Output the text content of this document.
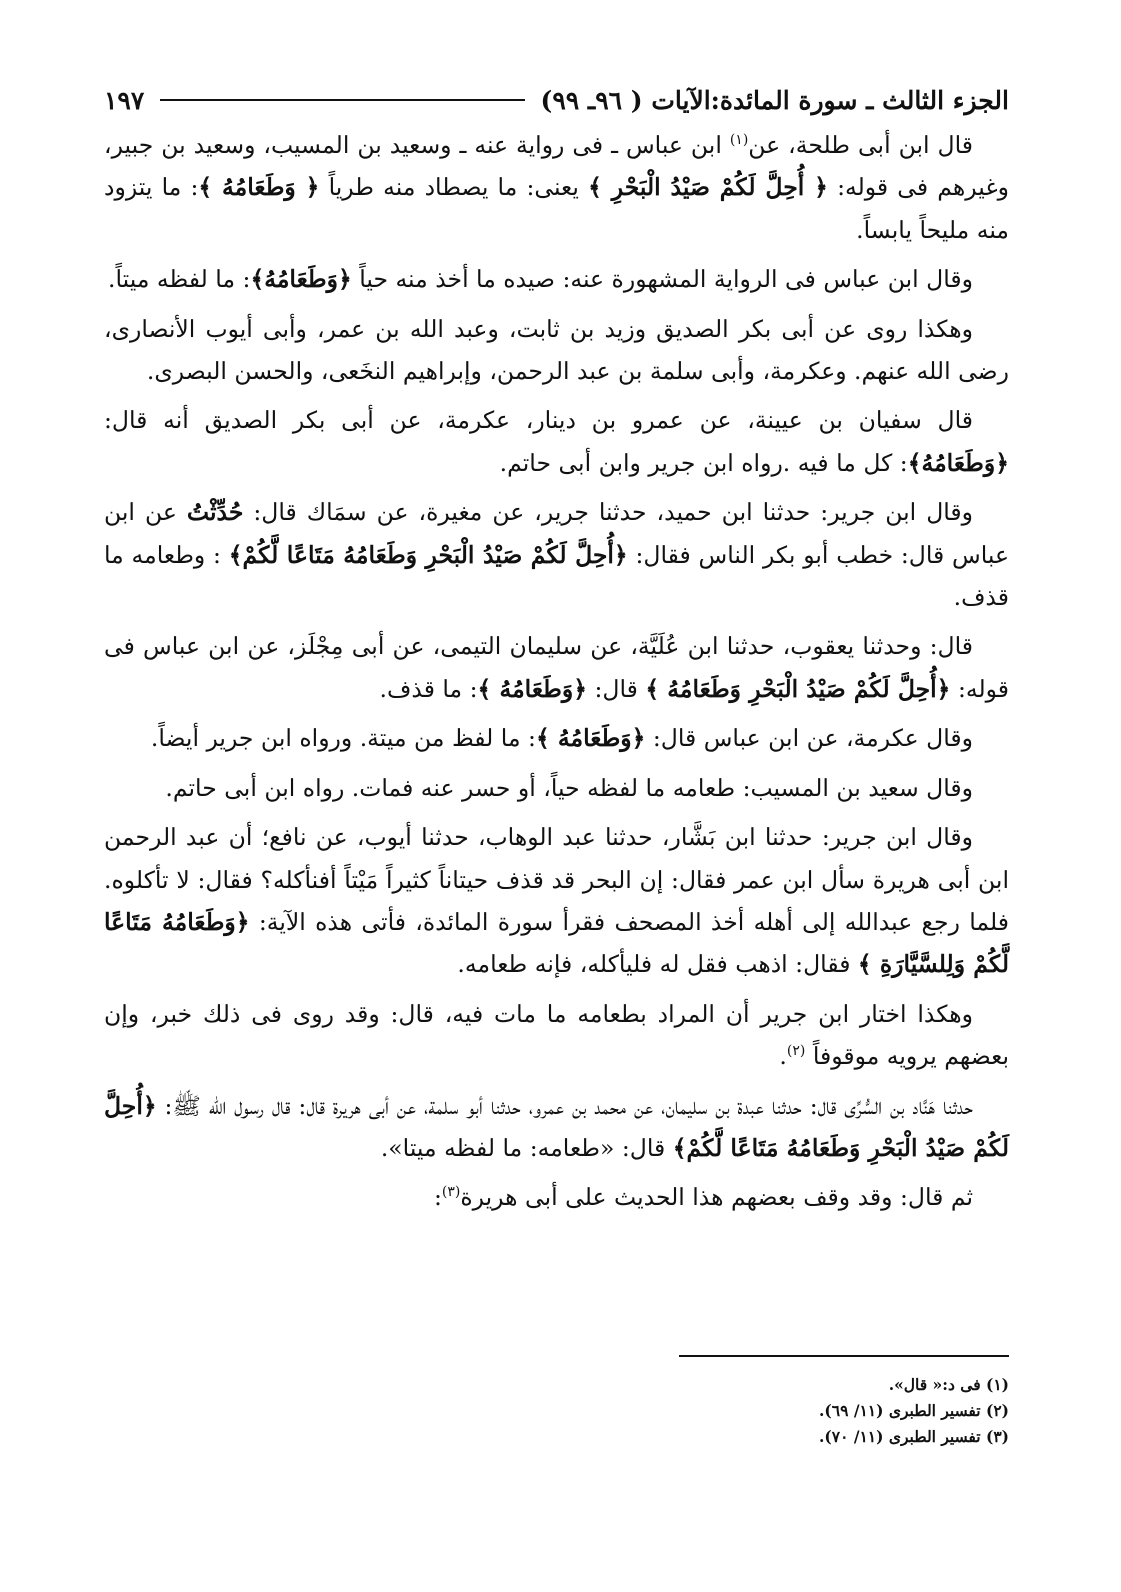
الجزء الثالث ـ سورة المائدة:الآيات ( ٩٦ـ ٩٩)
١٩٧

قال ابن أبى طلحة، عن$^{(١)}$ ابن عباس ـ فى رواية عنه ـ وسعيد بن المسيب، وسعيد بن جبير، وغيرهم فى قوله: ﴿ أُحِلَّ لَكُمْ صَيْدُ الْبَحْرِ ﴾ يعنى: ما يصطاد منه طرياً ﴿ وَطَعَامُهُ ﴾: ما يتزود منه مليحاً يابساً.

وقال ابن عباس فى الرواية المشهورة عنه: صيده ما أخذ منه حياً ﴿وَطَعَامُهُ﴾: ما لفظه ميتاً.

وهكذا روى عن أبى بكر الصديق وزيد بن ثابت، وعبد الله بن عمر، وأبى أيوب الأنصارى، رضى الله عنهم. وعكرمة، وأبى سلمة بن عبد الرحمن، وإبراهيم النخَعى، والحسن البصرى.

قال سفيان بن عيينة، عن عمرو بن دينار، عكرمة، عن أبى بكر الصديق أنه قال: ﴿وَطَعَامُهُ﴾: كل ما فيه .رواه ابن جرير وابن أبى حاتم.

وقال ابن جرير: حدثنا ابن حميد، حدثنا جرير، عن مغيرة، عن سمَاك قال: حُدِّثْتُ عن ابن عباس قال: خطب أبو بكر الناس فقال: ﴿أُحِلَّ لَكُمْ صَيْدُ الْبَحْرِ وَطَعَامُهُ مَتَاعًا لَّكُمْ﴾ : وطعامه ما قذف.

قال: وحدثنا يعقوب، حدثنا ابن عُلَيَّة، عن سليمان التيمى، عن أبى مِجْلَز، عن ابن عباس فى قوله: ﴿أُحِلَّ لَكُمْ صَيْدُ الْبَحْرِ وَطَعَامُهُ ﴾ قال: ﴿وَطَعَامُهُ ﴾: ما قذف.

وقال عكرمة، عن ابن عباس قال: ﴿وَطَعَامُهُ ﴾: ما لفظ من ميتة. ورواه ابن جرير أيضاً.

وقال سعيد بن المسيب: طعامه ما لفظه حياً، أو حسر عنه فمات. رواه ابن أبى حاتم.

وقال ابن جرير: حدثنا ابن بَشَّار، حدثنا عبد الوهاب، حدثنا أيوب، عن نافع؛ أن عبد الرحمن ابن أبى هريرة سأل ابن عمر فقال: إن البحر قد قذف حيتاناً كثيراً مَيْتاً أفنأكله؟ فقال: لا تأكلوه. فلما رجع عبدالله إلى أهله أخذ المصحف فقرأ سورة المائدة، فأتى هذه الآية: ﴿وَطَعَامُهُ مَتَاعًا لَّكُمْ وَلِلسَّيَّارَةِ ﴾ فقال: اذهب فقل له فليأكله، فإنه طعامه.

وهكذا اختار ابن جرير أن المراد بطعامه ما مات فيه، قال: وقد روى فى ذلك خبر، وإن بعضهم يرويه موقوفاً $^{(٢)}$.

حدثنا هَنَّاد بن السُّرِّى قال: حدثنا عبدة بن سليمان، عن محمد بن عمرو، حدثنا أبو سلمة، عن أبى هريرة قال: قال رسول الله ﷺ: ﴿أُحِلَّ لَكُمْ صَيْدُ الْبَحْرِ وَطَعَامُهُ مَتَاعًا لَّكُمْ﴾ قال: «طعامه: ما لفظه ميتا».

ثم قال: وقد وقف بعضهم هذا الحديث على أبى هريرة$^{(٣)}$:

(١) فى د:« قال».

(٢) تفسير الطبرى (١١/ ٦٩).

(٣) تفسير الطبرى (١١/ ٧٠).
